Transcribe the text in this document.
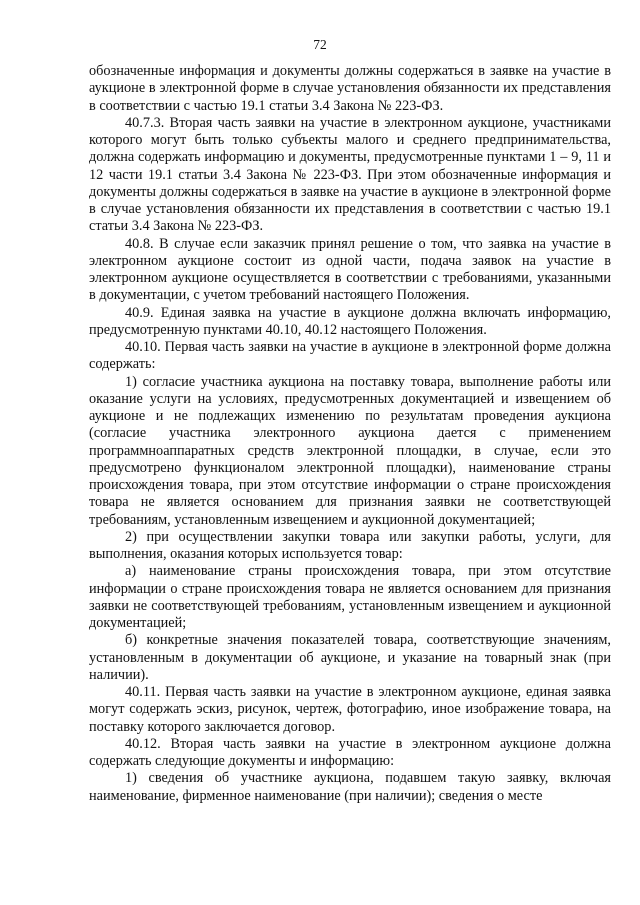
72

обозначенные информация и документы должны содержаться в заявке на участие в аукционе в электронной форме в случае установления обязанности их представления в соответствии с частью 19.1 статьи 3.4 Закона № 223-ФЗ.

40.7.3. Вторая часть заявки на участие в электронном аукционе, участниками которого могут быть только субъекты малого и среднего предпринимательства, должна содержать информацию и документы, предусмотренные пунктами 1 – 9, 11 и 12 части 19.1 статьи 3.4 Закона № 223-ФЗ. При этом обозначенные информация и документы должны содержаться в заявке на участие в аукционе в электронной форме в случае установления обязанности их представления в соответствии с частью 19.1 статьи 3.4 Закона № 223-ФЗ.

40.8. В случае если заказчик принял решение о том, что заявка на участие в электронном аукционе состоит из одной части, подача заявок на участие в электронном аукционе осуществляется в соответствии с требованиями, указанными в документации, с учетом требований настоящего Положения.

40.9. Единая заявка на участие в аукционе должна включать информацию, предусмотренную пунктами 40.10, 40.12 настоящего Положения.

40.10. Первая часть заявки на участие в аукционе в электронной форме должна содержать:

1) согласие участника аукциона на поставку товара, выполнение работы или оказание услуги на условиях, предусмотренных документацией и извещением об аукционе и не подлежащих изменению по результатам проведения аукциона (согласие участника электронного аукциона дается с применением программноаппаратных средств электронной площадки, в случае, если это предусмотрено функционалом электронной площадки), наименование страны происхождения товара, при этом отсутствие информации о стране происхождения товара не является основанием для признания заявки не соответствующей требованиям, установленным извещением и аукционной документацией;

2) при осуществлении закупки товара или закупки работы, услуги, для выполнения, оказания которых используется товар:

а) наименование страны происхождения товара, при этом отсутствие информации о стране происхождения товара не является основанием для признания заявки не соответствующей требованиям, установленным извещением и аукционной документацией;

б) конкретные значения показателей товара, соответствующие значениям, установленным в документации об аукционе, и указание на товарный знак (при наличии).

40.11. Первая часть заявки на участие в электронном аукционе, единая заявка могут содержать эскиз, рисунок, чертеж, фотографию, иное изображение товара, на поставку которого заключается договор.

40.12. Вторая часть заявки на участие в электронном аукционе должна содержать следующие документы и информацию:

1) сведения об участнике аукциона, подавшем такую заявку, включая наименование, фирменное наименование (при наличии); сведения о месте
